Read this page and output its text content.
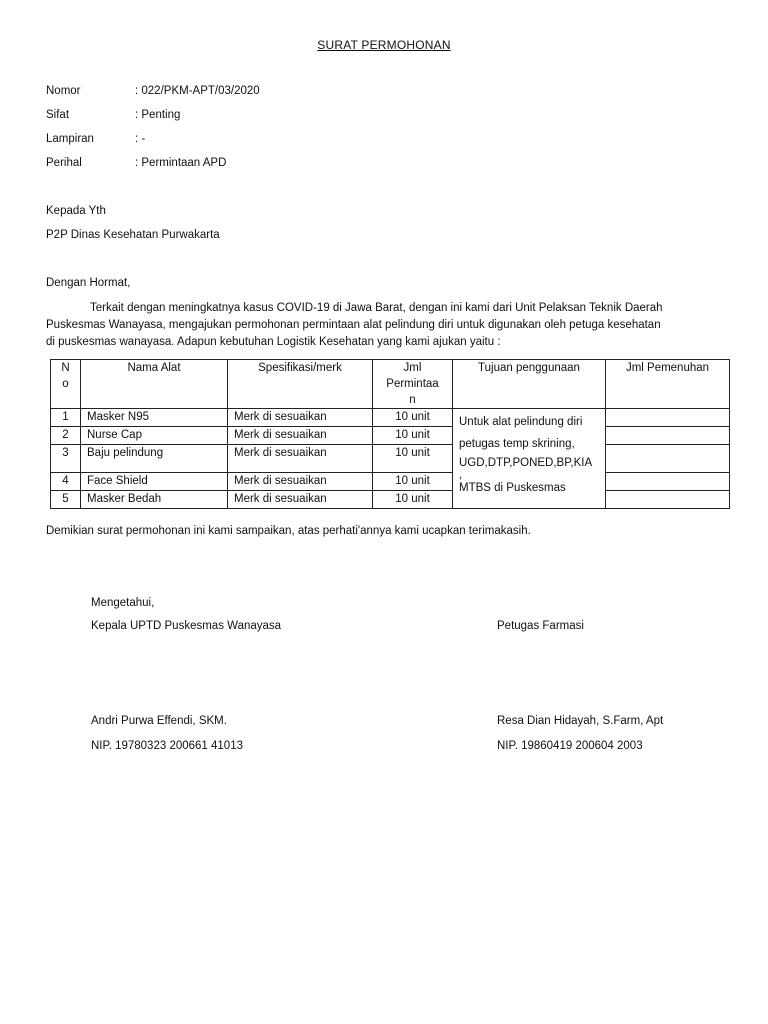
SURAT PERMOHONAN
Nomor	: 022/PKM-APT/03/2020
Sifat	: Penting
Lampiran	: -
Perihal	: Permintaan APD
Kepada Yth
P2P Dinas Kesehatan Purwakarta
Dengan Hormat,
Terkait dengan meningkatnya kasus COVID-19 di Jawa Barat, dengan ini kami dari Unit Pelaksan Teknik Daerah
Puskesmas Wanayasa, mengajukan permohonan permintaan alat pelindung diri untuk digunakan oleh petuga kesehatan
di puskesmas wanayasa. Adapun kebutuhan Logistik Kesehatan yang kami ajukan yaitu :
N
o	Nama Alat	Spesifikasi/merk	Jml
Permintaa
n	Tujuan penggunaan	Jml Pemenuhan
1	Masker N95	Merk di sesuaikan	10 unit	Untuk alat pelindung diri
petugas temp skrining,
UGD,DTP,PONED,BP,KIA
,
MTBS di Puskesmas	

2	Nurse Cap	Merk di sesuaikan	10 unit		
3	Baju pelindung	Merk di sesuaikan	10 unit		
4	Face Shield	Merk di sesuaikan	10 unit		
5	Masker Bedah	Merk di sesuaikan	10 unit		
Demikian surat permohonan ini kami sampaikan, atas perhati'annya kami ucapkan terimakasih.
Mengetahui,
Kepala UPTD Puskesmas Wanayasa	Petugas Farmasi
Andri Purwa Effendi, SKM.	Resa Dian Hidayah, S.Farm, Apt
NIP. 19780323 200661 41013	NIP. 19860419 200604 2003
